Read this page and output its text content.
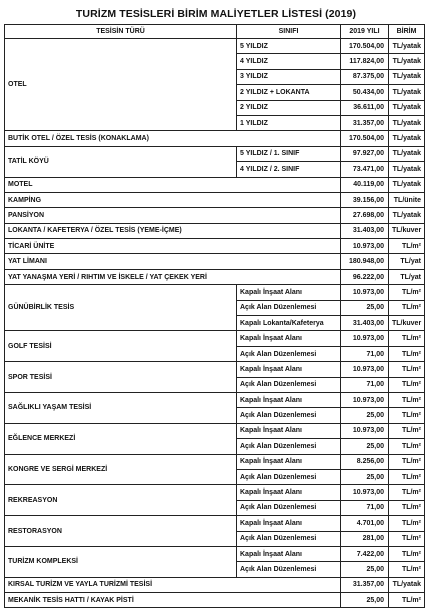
TURİZM TESİSLERİ BİRİM MALİYETLER LİSTESİ (2019)
TESİSİN TÜRÜ	SINIFI	2019 YILI	BİRİM
OTEL	5 YILDIZ	170.504,00	TL/yatak
	4 YILDIZ	117.824,00	TL/yatak
	3 YILDIZ	87.375,00	TL/yatak
	2 YILDIZ + LOKANTA	50.434,00	TL/yatak
	2 YILDIZ	36.611,00	TL/yatak
	1 YILDIZ	31.357,00	TL/yatak
BUTİK OTEL / ÖZEL TESİS (KONAKLAMA)		170.504,00	TL/yatak
TATİL KÖYÜ	5 YILDIZ / 1. SINIF	97.927,00	TL/yatak
	4 YILDIZ / 2. SINIF	73.471,00	TL/yatak
MOTEL		40.119,00	TL/yatak
KAMPİNG		39.156,00	TL/ünite
PANSİYON		27.698,00	TL/yatak
LOKANTA / KAFETERYA / ÖZEL TESİS (YEME-İÇME)		31.403,00	TL/kuver
TİCARİ ÜNİTE		10.973,00	TL/m²
YAT LİMANI		180.948,00	TL/yat
YAT YANAŞMA YERİ / RIHTIM VE İSKELE / YAT ÇEKEK YERİ		96.222,00	TL/yat
GÜNÜBİRLİK TESİS	Kapalı İnşaat Alanı	10.973,00	TL/m²
	Açık Alan Düzenlemesi	25,00	TL/m²
	Kapalı Lokanta/Kafeterya	31.403,00	TL/kuver
GOLF TESİSİ	Kapalı İnşaat Alanı	10.973,00	TL/m²
	Açık Alan Düzenlemesi	71,00	TL/m²
SPOR TESİSİ	Kapalı İnşaat Alanı	10.973,00	TL/m²
	Açık Alan Düzenlemesi	71,00	TL/m²
SAĞLIKLI YAŞAM TESİSİ	Kapalı İnşaat Alanı	10.973,00	TL/m²
	Açık Alan Düzenlemesi	25,00	TL/m²
EĞLENCE MERKEZİ	Kapalı İnşaat Alanı	10.973,00	TL/m²
	Açık Alan Düzenlemesi	25,00	TL/m²
KONGRE VE SERGİ MERKEZİ	Kapalı İnşaat Alanı	8.256,00	TL/m²
	Açık Alan Düzenlemesi	25,00	TL/m²
REKREASYON	Kapalı İnşaat Alanı	10.973,00	TL/m²
	Açık Alan Düzenlemesi	71,00	TL/m²
RESTORASYON	Kapalı İnşaat Alanı	4.701,00	TL/m²
	Açık Alan Düzenlemesi	281,00	TL/m²
TURİZM KOMPLEKSİ	Kapalı İnşaat Alanı	7.422,00	TL/m²
	Açık Alan Düzenlemesi	25,00	TL/m²
KIRSAL TURİZM VE YAYLA TURİZMİ TESİSİ		31.357,00	TL/yatak
MEKANİK TESİS HATTI / KAYAK PİSTİ		25,00	TL/m²
